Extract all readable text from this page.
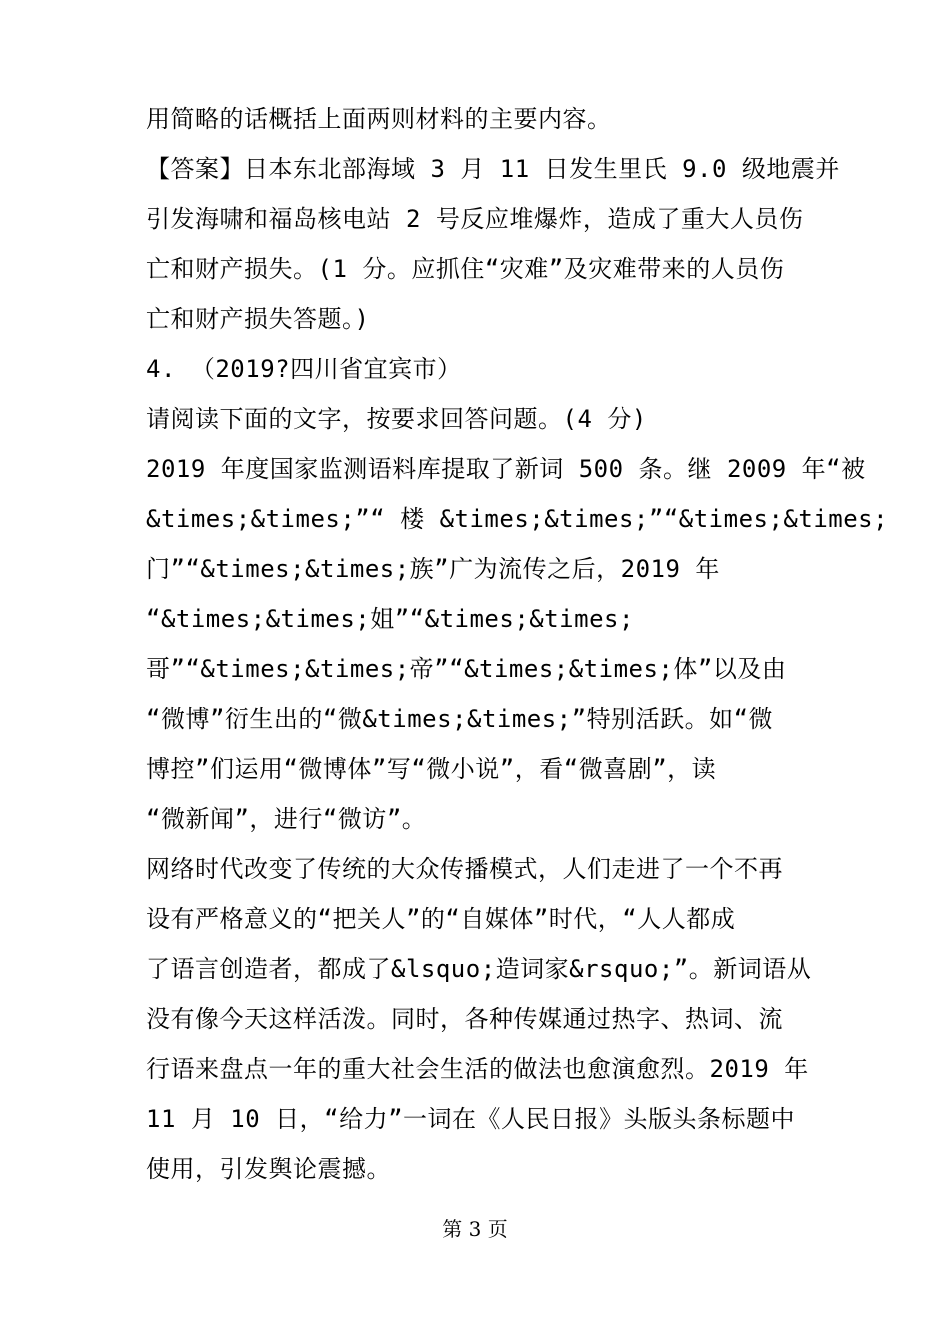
用简略的话概括上面两则材料的主要内容。
【答案】日本东北部海域 3 月 11 日发生里氏 9.0 级地震并
引发海啸和福岛核电站 2 号反应堆爆炸，造成了重大人员伤
亡和财产损失。(1 分。应抓住“灾难”及灾难带来的人员伤
亡和财产损失答题。)
4. （2019?四川省宜宾市）
请阅读下面的文字，按要求回答问题。(4 分)
2019 年度国家监测语料库提取了新词 500 条。继 2009 年“被
&times;&times;”“ 楼 &times;&times;”“&times;&times;
门”“&times;&times;族”广为流传之后，2019 年
“&times;&times;姐”“&times;&times;
哥”“&times;&times;帝”“&times;&times;体”以及由
“微博”衍生出的“微&times;&times;”特别活跃。如“微
博控”们运用“微博体”写“微小说”，看“微喜剧”，读
“微新闻”，进行“微访”。
网络时代改变了传统的大众传播模式，人们走进了一个不再
设有严格意义的“把关人”的“自媒体”时代，“人人都成
了语言创造者，都成了&lsquo;造词家&rsquo;”。新词语从
没有像今天这样活泼。同时，各种传媒通过热字、热词、流
行语来盘点一年的重大社会生活的做法也愈演愈烈。2019 年
11 月 10 日，“给力”一词在《人民日报》头版头条标题中
使用，引发舆论震撼。
第 3 页
